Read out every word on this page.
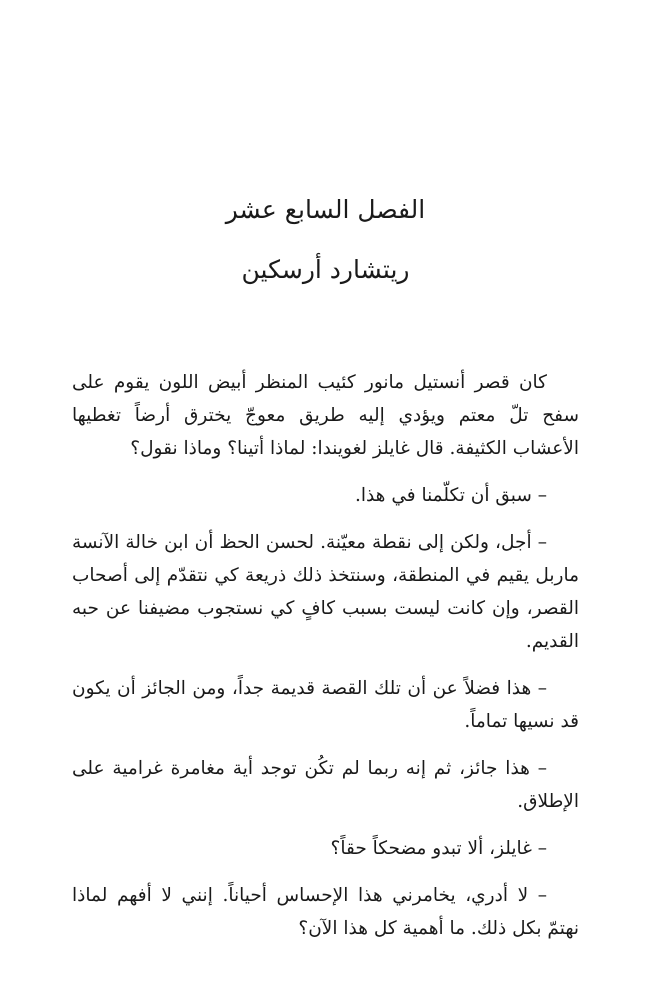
الفصل السابع عشر
ريتشارد أرسكين

كان قصر أنستيل مانور كئيب المنظر أبيض اللون يقوم على سفح تلّ معتم ويؤدي إليه طريق معوجّ يخترق أرضاً تغطيها الأعشاب الكثيفة. قال غايلز لغويندا: لماذا أتينا؟ وماذا نقول؟

– سبق أن تكلّمنا في هذا.

– أجل، ولكن إلى نقطة معيّنة. لحسن الحظ أن ابن خالة الآنسة ماربل يقيم في المنطقة، وسنتخذ ذلك ذريعة كي نتقدّم إلى أصحاب القصر، وإن كانت ليست بسبب كافٍ كي نستجوب مضيفنا عن حبه القديم.

– هذا فضلاً عن أن تلك القصة قديمة جداً، ومن الجائز أن يكون قد نسيها تماماً.

– هذا جائز، ثم إنه ربما لم تكُن توجد أية مغامرة غرامية على الإطلاق.

– غايلز، ألا تبدو مضحكاً حقاً؟

– لا أدري، يخامرني هذا الإحساس أحياناً. إنني لا أفهم لماذا نهتمّ بكل ذلك. ما أهمية كل هذا الآن؟
